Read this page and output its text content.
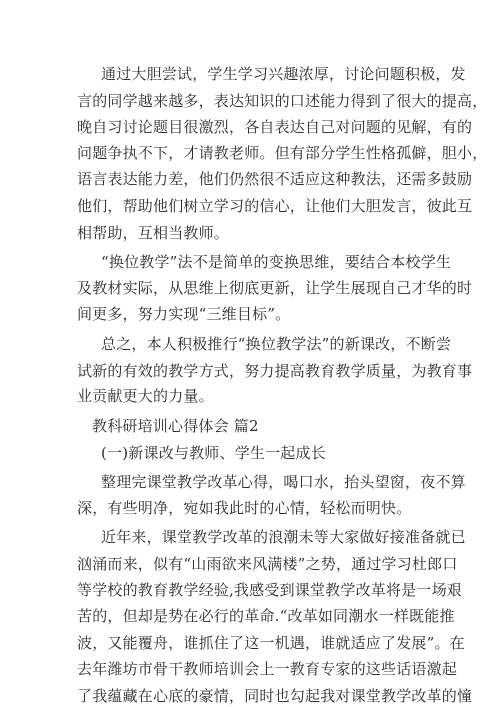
通过大胆尝试，学生学习兴趣浓厚，讨论问题积极，发
言的同学越来越多，表达知识的口述能力得到了很大的提高，
晚自习讨论题目很激烈，各自表达自己对问题的见解，有的
问题争执不下，才请教老师。但有部分学生性格孤僻，胆小，
语言表达能力差，他们仍然很不适应这种教法，还需多鼓励
他们，帮助他们树立学习的信心，让他们大胆发言，彼此互
相帮助，互相当教师。
“换位教学”法不是简单的变换思维，要结合本校学生
及教材实际，从思维上彻底更新，让学生展现自己才华的时
间更多，努力实现“三维目标”。
总之，本人积极推行“换位教学法”的新课改，不断尝
试新的有效的教学方式，努力提高教育教学质量，为教育事
业贡献更大的力量。
教科研培训心得体会 篇2
(一)新课改与教师、学生一起成长
整理完课堂教学改革心得，喝口水，抬头望窗，夜不算
深，有些明净，宛如我此时的心情，轻松而明快。
近年来，课堂教学改革的浪潮未等大家做好接准备就已
汹涌而来，似有“山雨欲来风满楼”之势，通过学习杜郎口
等学校的教育教学经验,我感受到课堂教学改革将是一场艰
苦的，但却是势在必行的革命.“改革如同潮水一样既能推
波，又能覆舟，谁抓住了这一机遇，谁就适应了发展”。在
去年潍坊市骨干教师培训会上一教育专家的这些话语激起
了我蕴藏在心底的豪情，同时也勾起我对课堂教学改革的憧
